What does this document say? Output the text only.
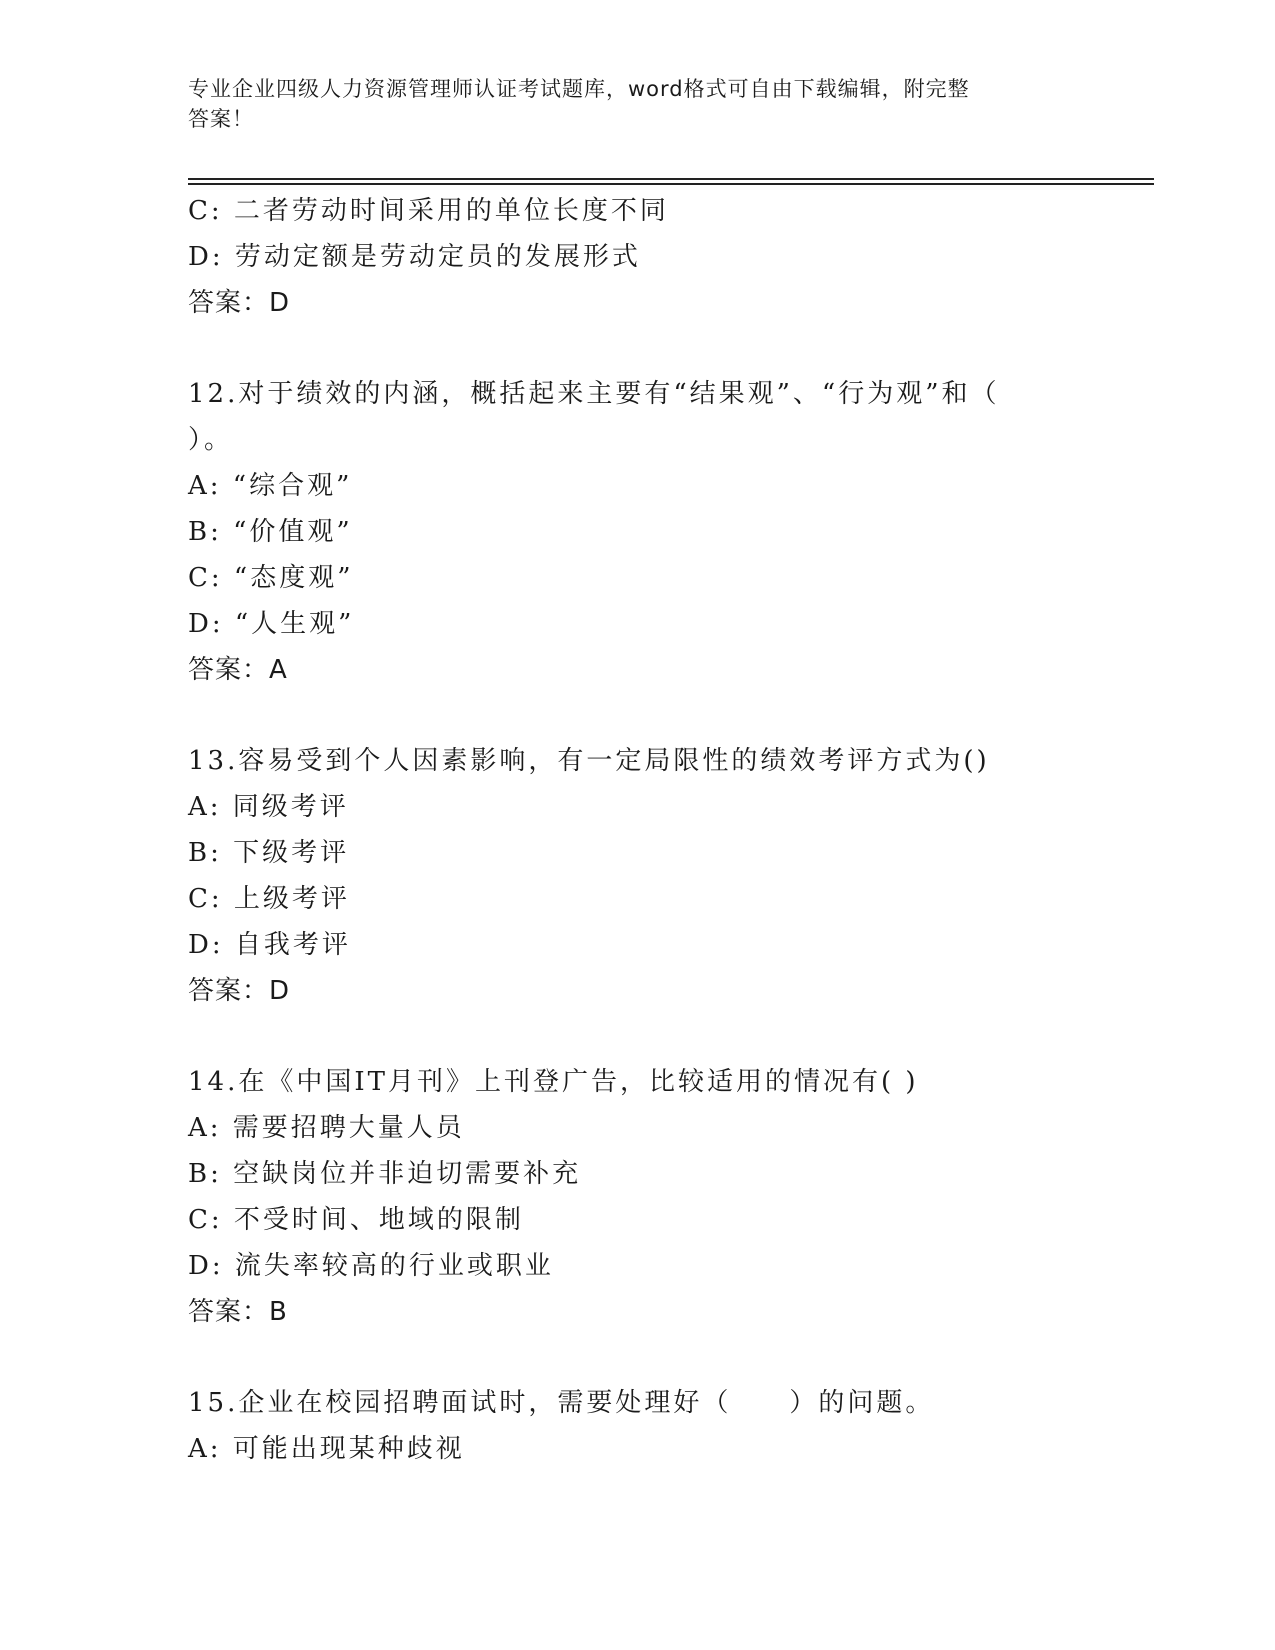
专业企业四级人力资源管理师认证考试题库，word格式可自由下载编辑，附完整
答案！
C: 二者劳动时间采用的单位长度不同
D: 劳动定额是劳动定员的发展形式
答案：D
12.对于绩效的内涵，概括起来主要有“结果观”、“行为观”和（
）。
A: “综合观”
B: “价值观”
C: “态度观”
D: “人生观”
答案：A
13.容易受到个人因素影响，有一定局限性的绩效考评方式为()
A: 同级考评
B: 下级考评
C: 上级考评
D: 自我考评
答案：D
14.在《中国IT月刊》上刊登广告，比较适用的情况有( )
A: 需要招聘大量人员
B: 空缺岗位并非迫切需要补充
C: 不受时间、地域的限制
D: 流失率较高的行业或职业
答案：B
15.企业在校园招聘面试时，需要处理好（　　）的问题。
A: 可能出现某种歧视
